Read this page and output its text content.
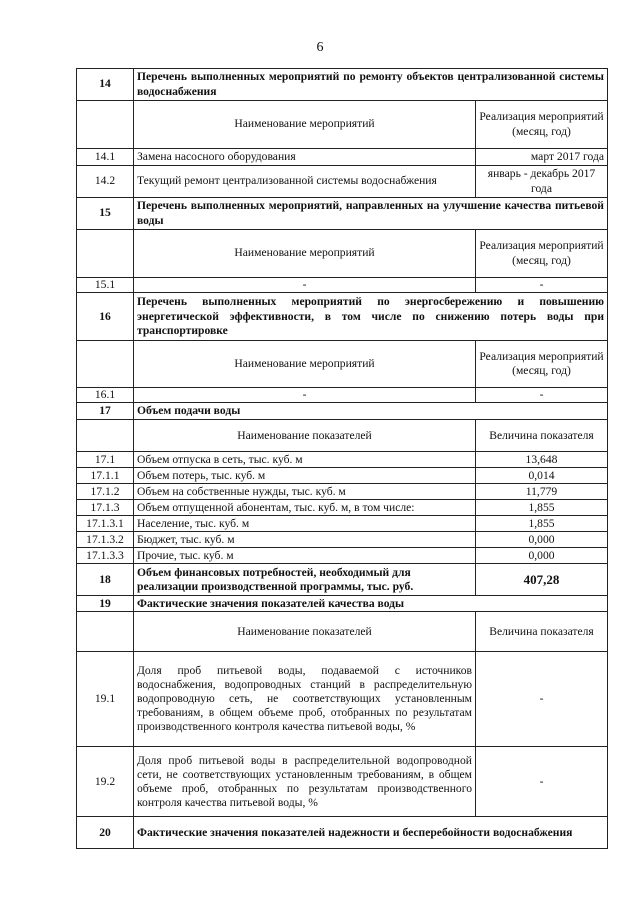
6
14	Перечень выполненных мероприятий по ремонту объектов централизованной системы водоснабжения	
	Наименование мероприятий	Реализация мероприятий (месяц, год)
14.1	Замена насосного оборудования	март 2017 года
14.2	Текущий ремонт централизованной системы водоснабжения	январь - декабрь 2017 года
15	Перечень выполненных мероприятий, направленных на улучшение качества питьевой воды	
	Наименование мероприятий	Реализация мероприятий (месяц, год)
15.1	-	-
16	Перечень выполненных мероприятий по энергосбережению и повышению энергетической эффективности, в том числе по снижению потерь воды при транспортировке	
	Наименование мероприятий	Реализация мероприятий (месяц, год)
16.1	-	-
17	Объем подачи воды	
	Наименование показателей	Величина показателя
17.1	Объем отпуска в сеть, тыс. куб. м	13,648
17.1.1	Объем потерь, тыс. куб. м	0,014
17.1.2	Объем на собственные нужды, тыс. куб. м	11,779
17.1.3	Объем отпущенной абонентам, тыс. куб. м, в том числе:	1,855
17.1.3.1	Население, тыс. куб. м	1,855
17.1.3.2	Бюджет, тыс. куб. м	0,000
17.1.3.3	Прочие, тыс. куб. м	0,000
18	Объем финансовых потребностей, необходимый для реализации производственной программы, тыс. руб.	407,28
19	Фактические значения показателей качества воды	
	Наименование показателей	Величина показателя
19.1	Доля проб питьевой воды, подаваемой с источников водоснабжения, водопроводных станций в распределительную водопроводную сеть, не соответствующих установленным требованиям, в общем объеме проб, отобранных по результатам производственного контроля качества питьевой воды, %	-
19.2	Доля проб питьевой воды в распределительной водопроводной сети, не соответствующих установленным требованиям, в общем объеме проб, отобранных по результатам производственного контроля качества питьевой воды, %	-
20	Фактические значения показателей надежности и бесперебойности водоснабжения	
